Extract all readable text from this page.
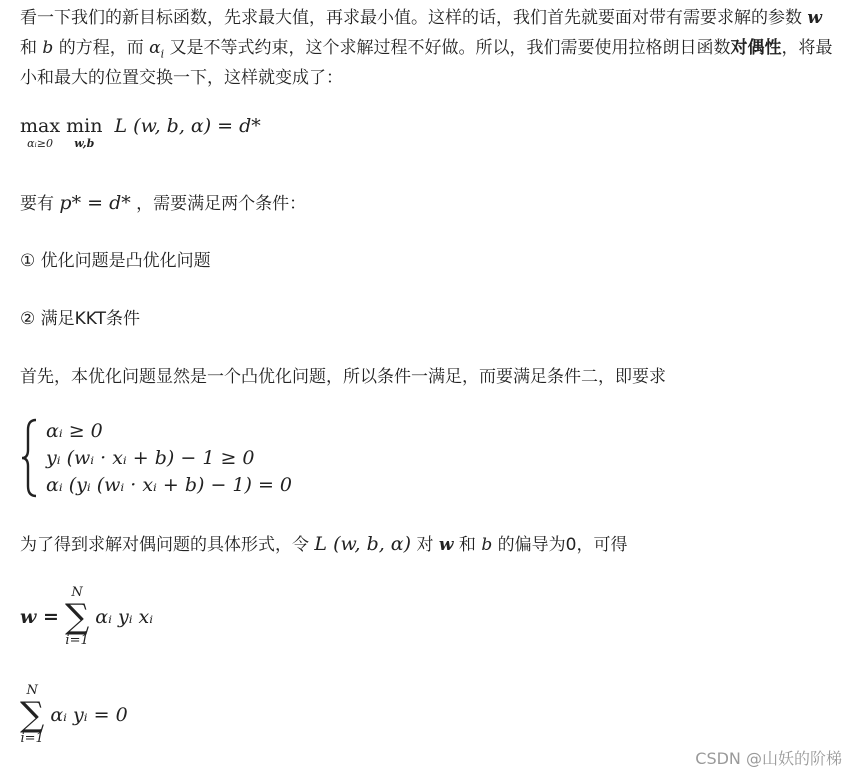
看一下我们的新目标函数，先求最大值，再求最小值。这样的话，我们首先就要面对带有需要求解的参数 w 和 b 的方程，而 $\alpha_i$ 又是不等式约束，这个求解过程不好做。所以，我们需要使用拉格朗日函数对偶性，将最小和最大的位置交换一下，这样就变成了：

max
αᵢ≥0

min
w,b
L (w, b, α) = d*

要有 p* = d* ，需要满足两个条件：

① 优化问题是凸优化问题

② 满足KKT条件

首先，本优化问题显然是一个凸优化问题，所以条件一满足，而要满足条件二，即要求

αᵢ ≥ 0
yᵢ (wᵢ · xᵢ + b) − 1 ≥ 0
αᵢ (yᵢ (wᵢ · xᵢ + b) − 1) = 0

为了得到求解对偶问题的具体形式，令 L (w, b, α) 对 w 和 b 的偏导为0，可得

w =
N
∑
i=1
αᵢ yᵢ xᵢ
N
∑
i=1
αᵢ yᵢ = 0
CSDN @山妖的阶梯
